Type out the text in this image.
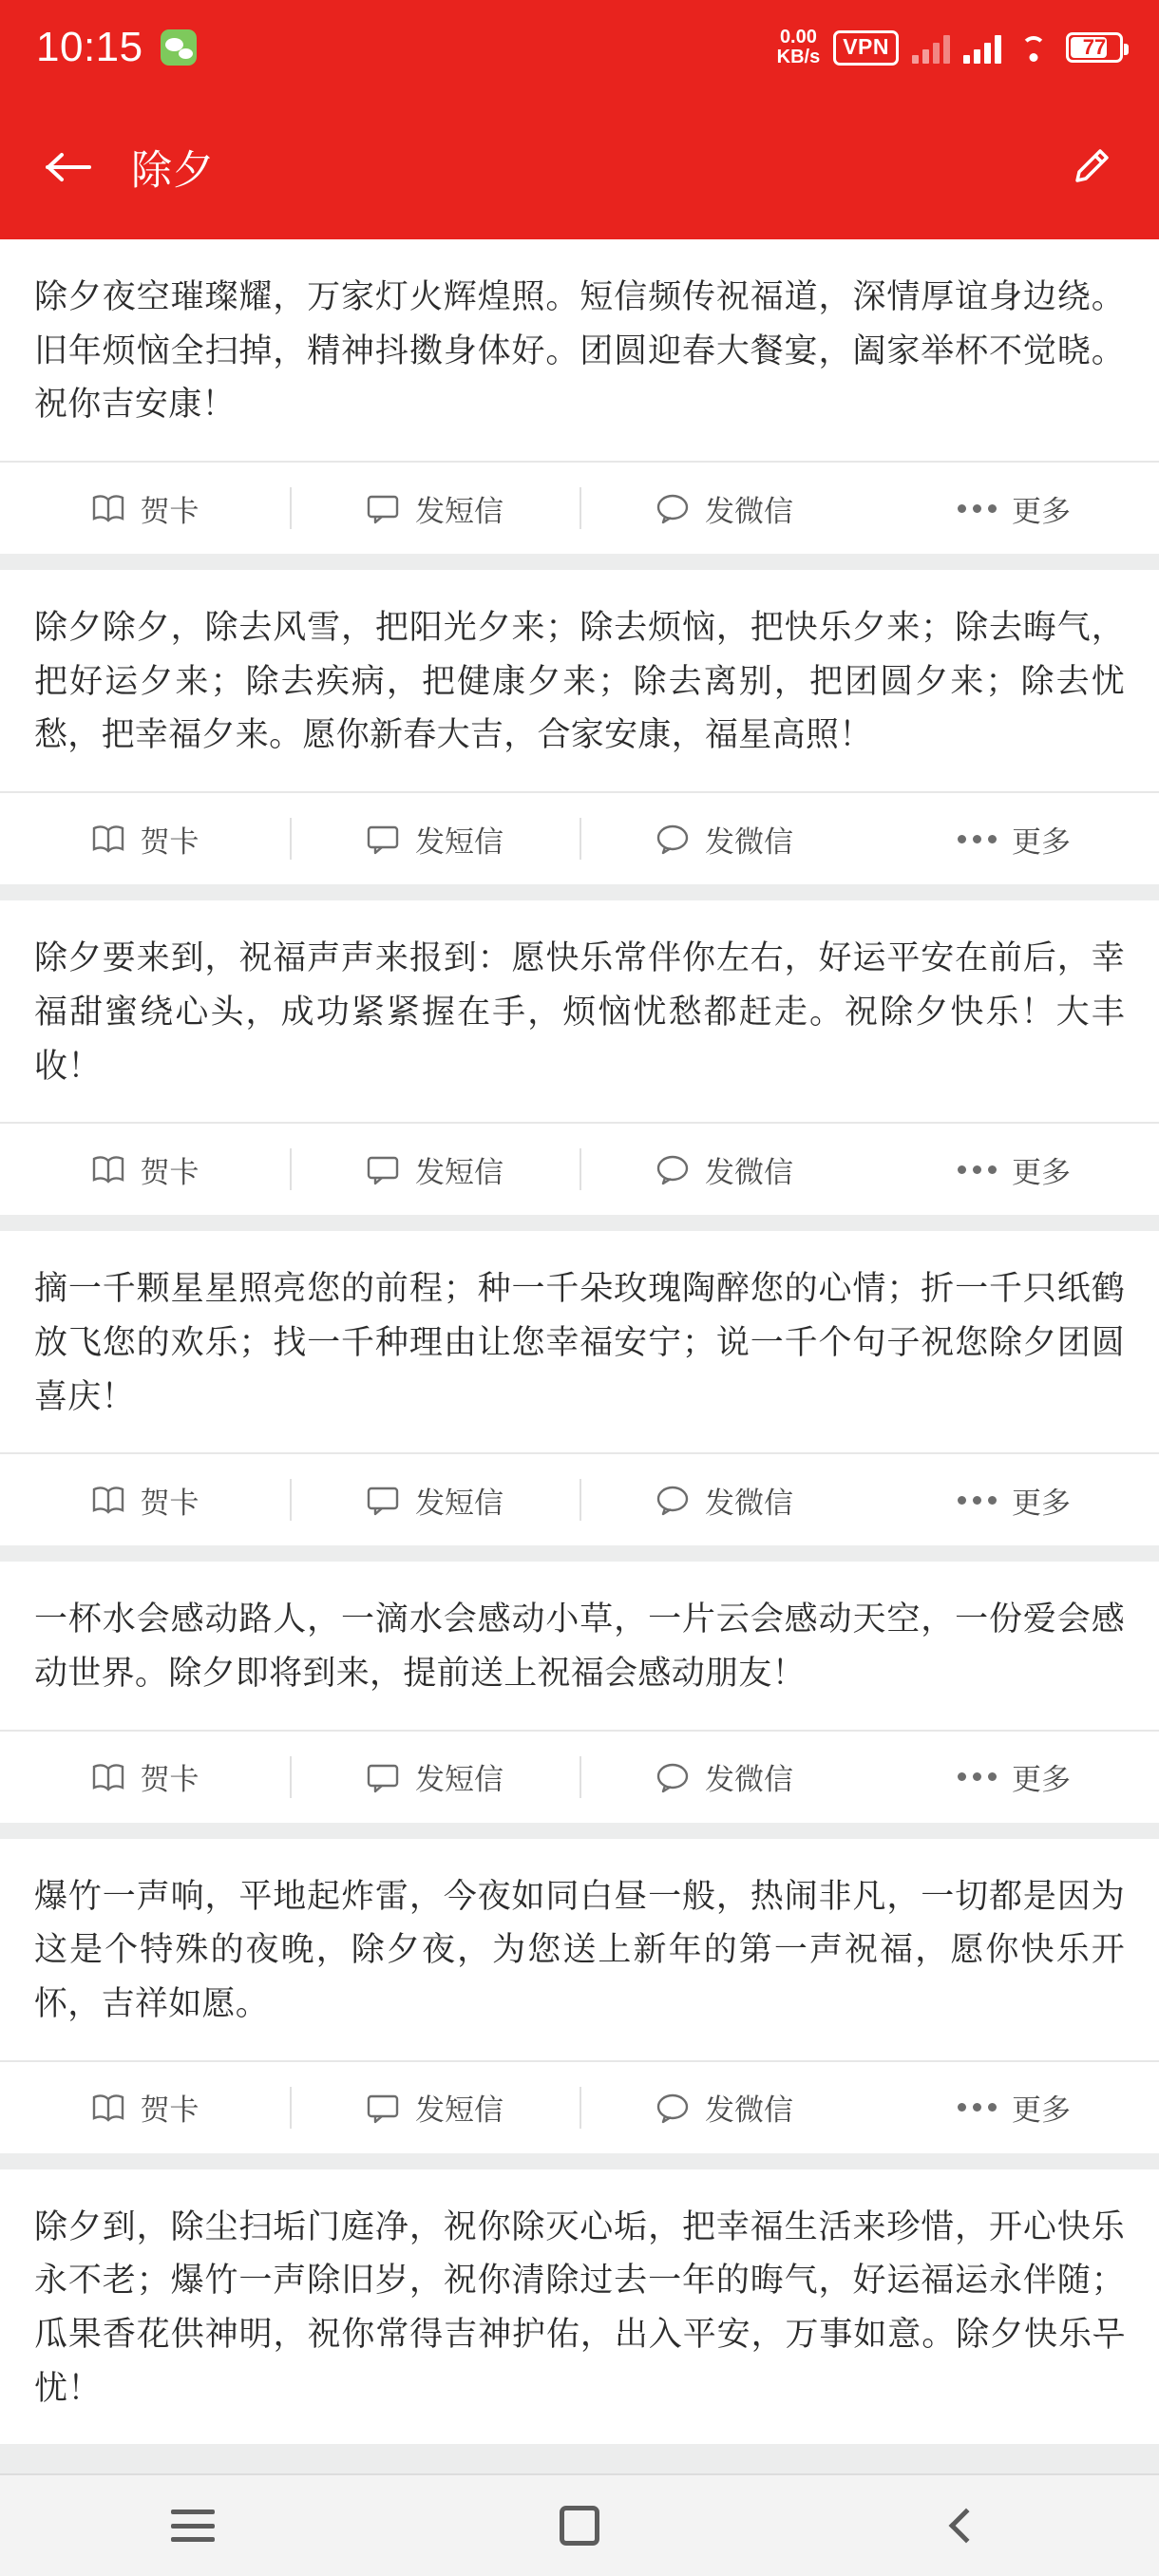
10:15	0.00
KB/s	VPN	77
除夕
除夕夜空璀璨耀，万家灯火辉煌照。短信频传祝福道，深情厚谊身边绕。旧年烦恼全扫掉，精神抖擞身体好。团圆迎春大餐宴，阖家举杯不觉晓。祝你吉安康！
贺卡	发短信	发微信	更多
除夕除夕，除去风雪，把阳光夕来；除去烦恼，把快乐夕来；除去晦气，把好运夕来；除去疾病，把健康夕来；除去离别，把团圆夕来；除去忧愁，把幸福夕来。愿你新春大吉，合家安康，福星高照！
贺卡	发短信	发微信	更多
除夕要来到，祝福声声来报到：愿快乐常伴你左右，好运平安在前后，幸福甜蜜绕心头，成功紧紧握在手，烦恼忧愁都赶走。祝除夕快乐！大丰收！
贺卡	发短信	发微信	更多
摘一千颗星星照亮您的前程；种一千朵玫瑰陶醉您的心情；折一千只纸鹤放飞您的欢乐；找一千种理由让您幸福安宁；说一千个句子祝您除夕团圆喜庆！
贺卡	发短信	发微信	更多
一杯水会感动路人，一滴水会感动小草，一片云会感动天空，一份爱会感动世界。除夕即将到来，提前送上祝福会感动朋友！
贺卡	发短信	发微信	更多
爆竹一声响，平地起炸雷，今夜如同白昼一般，热闹非凡，一切都是因为这是个特殊的夜晚，除夕夜，为您送上新年的第一声祝福，愿你快乐开怀，吉祥如愿。
贺卡	发短信	发微信	更多
除夕到，除尘扫垢门庭净，祝你除灭心垢，把幸福生活来珍惜，开心快乐永不老；爆竹一声除旧岁，祝你清除过去一年的晦气，好运福运永伴随；瓜果香花供神明，祝你常得吉神护佑，出入平安，万事如意。除夕快乐무忧！
